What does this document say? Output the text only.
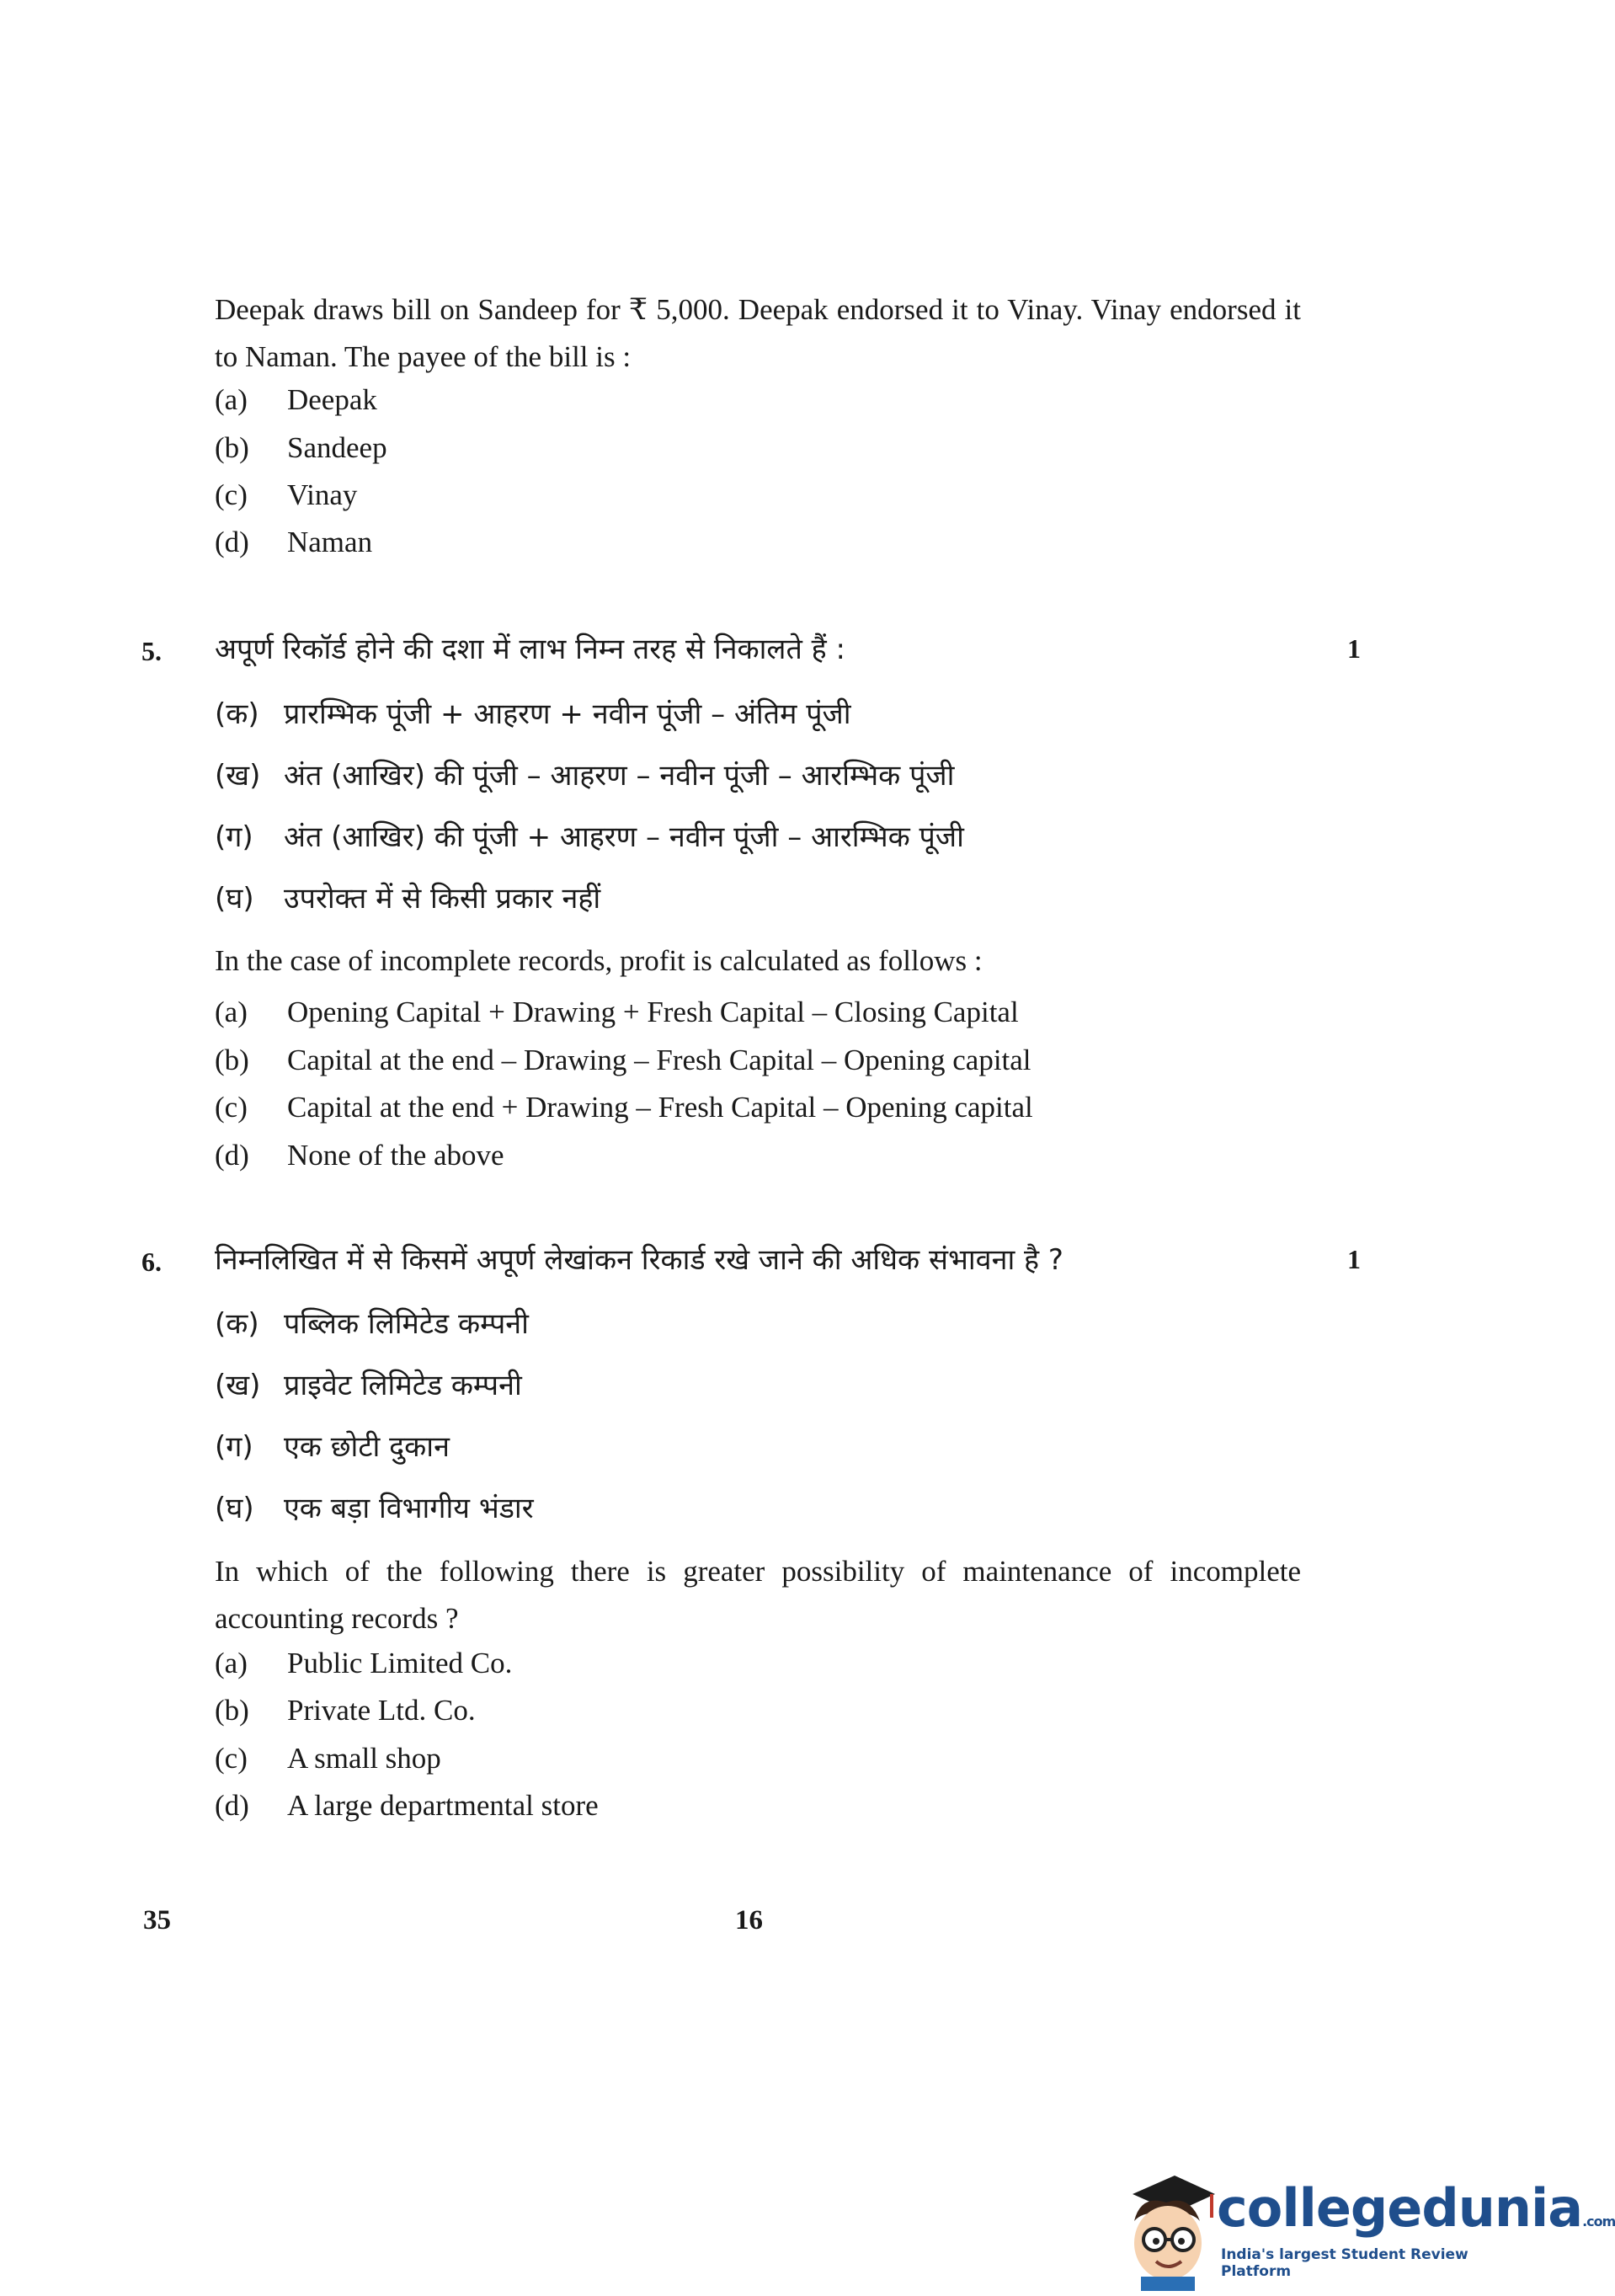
Deepak draws bill on Sandeep for ₹ 5,000. Deepak endorsed it to Vinay. Vinay endorsed it to Naman. The payee of the bill is :
(a) Deepak
(b) Sandeep
(c) Vinay
(d) Naman
5.	1
अपूर्ण रिकॉर्ड होने की दशा में लाभ निम्न तरह से निकालते हैं :
(क) प्रारम्भिक पूंजी + आहरण + नवीन पूंजी – अंतिम पूंजी
(ख) अंत (आखिर) की पूंजी – आहरण – नवीन पूंजी – आरम्भिक पूंजी
(ग) अंत (आखिर) की पूंजी + आहरण – नवीन पूंजी – आरम्भिक पूंजी
(घ) उपरोक्त में से किसी प्रकार नहीं
In the case of incomplete records, profit is calculated as follows :
(a) Opening Capital + Drawing + Fresh Capital – Closing Capital
(b) Capital at the end – Drawing – Fresh Capital – Opening capital
(c) Capital at the end + Drawing – Fresh Capital – Opening capital
(d) None of the above
6.	1
निम्नलिखित में से किसमें अपूर्ण लेखांकन रिकार्ड रखे जाने की अधिक संभावना है ?
(क) पब्लिक लिमिटेड कम्पनी
(ख) प्राइवेट लिमिटेड कम्पनी
(ग) एक छोटी दुकान
(घ) एक बड़ा विभागीय भंडार
In which of the following there is greater possibility of maintenance of incomplete accounting records ?
(a) Public Limited Co.
(b) Private Ltd. Co.
(c) A small shop
(d) A large departmental store
35	16
collegedunia.com
India's largest Student Review Platform
